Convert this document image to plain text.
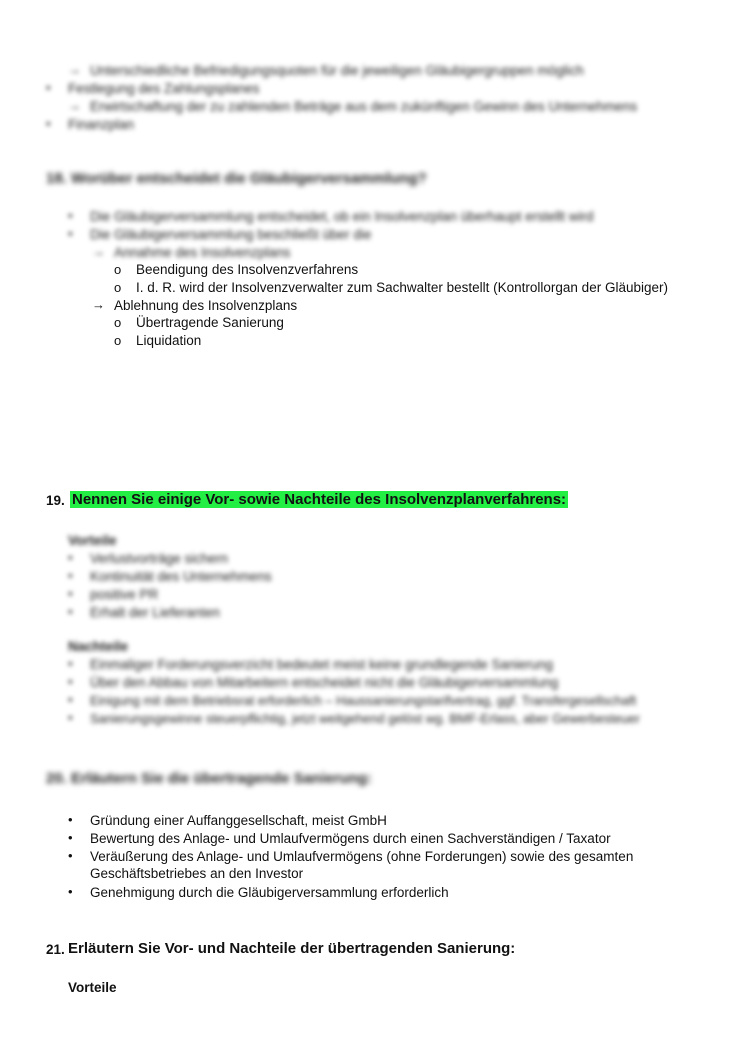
→ Unterschiedliche Befriedigungsquoten für die jeweiligen Gläubigergruppen möglich
• Festlegung des Zahlungsplanes
→ Erwirtschaftung der zu zahlenden Beträge aus dem zukünftigen Gewinn des Unternehmens
• Finanzplan
18. Worüber entscheidet die Gläubigerversammlung?
• Die Gläubigerversammlung entscheidet, ob ein Insolvenzplan überhaupt erstellt wird
• Die Gläubigerversammlung beschließt über die
→ Annahme des Insolvenzplans
o Beendigung des Insolvenzverfahrens
o I. d. R. wird der Insolvenzverwalter zum Sachwalter bestellt (Kontrollorgan der Gläubiger)
→ Ablehnung des Insolvenzplans
o Übertragende Sanierung
o Liquidation
19. Nennen Sie einige Vor- sowie Nachteile des Insolvenzplanverfahrens:
Vorteile
• Verlustvorträge sichern
• Kontinuität des Unternehmens
• positive PR
• Erhalt der Lieferanten
Nachteile
• Einmaliger Forderungsverzicht bedeutet meist keine grundlegende Sanierung
• Über den Abbau von Mitarbeitern entscheidet nicht die Gläubigerversammlung
• Einigung mit dem Betriebsrat erforderlich – Haussanierungstarifvertrag, ggf. Transfergesellschaft
• Sanierungsgewinne steuerpflichtig, jetzt weitgehend gelöst wg. BMF-Erlass, aber Gewerbesteuer
20. Erläutern Sie die übertragende Sanierung:
• Gründung einer Auffanggesellschaft, meist GmbH
• Bewertung des Anlage- und Umlaufvermögens durch einen Sachverständigen / Taxator
• Veräußerung des Anlage- und Umlaufvermögens (ohne Forderungen) sowie des gesamten
Geschäftsbetriebes an den Investor
• Genehmigung durch die Gläubigerversammlung erforderlich
21. Erläutern Sie Vor- und Nachteile der übertragenden Sanierung:
Vorteile
